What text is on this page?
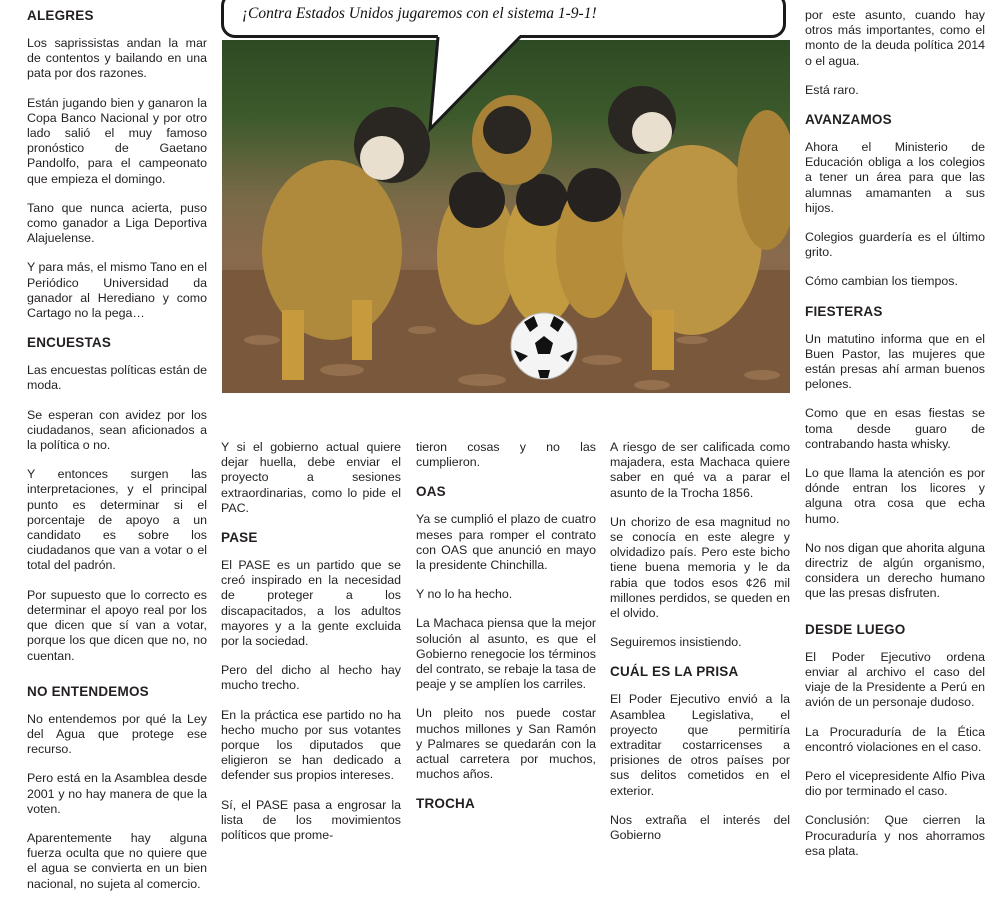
ALEGRES

Los saprissistas andan la mar de contentos y bailando en una pata por dos razones.

Están jugando bien y ganaron la Copa Banco Nacional y por otro lado salió el muy famoso pronóstico de Gaetano Pandolfo, para el campeonato que empieza el domingo.

Tano que nunca acierta, puso como ganador a Liga Deportiva Alajuelense.

Y para más, el mismo Tano en el Periódico Universidad da ganador al Herediano y como Cartago no la pega…

ENCUESTAS

Las encuestas políticas están de moda.

Se esperan con avidez por los ciudadanos, sean aficionados a la política o no.

Y entonces surgen las interpretaciones, y el principal punto es determinar si el porcentaje de apoyo a un candidato es sobre los ciudadanos que van a votar o el total del padrón.

Por supuesto que lo correcto es determinar el apoyo real por los que dicen que sí van a votar, porque los que dicen que no, no cuentan.

NO ENTENDEMOS

No entendemos por qué la Ley del Agua que protege ese recurso.

Pero está en la Asamblea desde 2001 y no hay manera de que la voten.

Aparentemente hay alguna fuerza oculta que no quiere que el agua se convierta en un bien nacional, no sujeta al comercio.

¡Contra Estados Unidos jugaremos con el sistema 1-9-1!

Y si el gobierno actual quiere dejar huella, debe enviar el proyecto a sesiones extraordinarias, como lo pide el PAC.

PASE

El PASE es un partido que se creó inspirado en la necesidad de proteger a los discapacitados, a los adultos mayores y a la gente excluida por la sociedad.

Pero del dicho al hecho hay mucho trecho.

En la práctica ese partido no ha hecho mucho por sus votantes porque los diputados que eligieron se han dedicado a defender sus propios intereses.

Sí, el PASE pasa a engrosar la lista de los movimientos políticos que prome-

tieron cosas y no las cumplieron.

OAS

Ya se cumplió el plazo de cuatro meses para romper el contrato con OAS que anunció en mayo la presidente Chinchilla.

Y no lo ha hecho.

La Machaca piensa que la mejor solución al asunto, es que el Gobierno renegocie los términos del contrato, se rebaje la tasa de peaje y se amplíen los carriles.

Un pleito nos puede costar muchos millones y San Ramón y Palmares se quedarán con la actual carretera por muchos, muchos años.

TROCHA

A riesgo de ser calificada como majadera, esta Machaca quiere saber en qué va a parar el asunto de la Trocha 1856.

Un chorizo de esa magnitud no se conocía en este alegre y olvidadizo país. Pero este bicho tiene buena memoria y le da rabia que todos esos ¢26 mil millones perdidos, se queden en el olvido.

Seguiremos insistiendo.

CUÁL ES LA PRISA

El Poder Ejecutivo envió a la Asamblea Legislativa, el proyecto que permitiría extraditar costarricenses a prisiones de otros países por sus delitos cometidos en el exterior.

Nos extraña el interés del Gobierno

por este asunto, cuando hay otros más importantes, como el monto de la deuda política 2014 o el agua.

Está raro.

AVANZAMOS

Ahora el Ministerio de Educación obliga a los colegios a tener un área para que las alumnas amamanten a sus hijos.

Colegios guardería es el último grito.

Cómo cambian los tiempos.

FIESTERAS

Un matutino informa que en el Buen Pastor, las mujeres que están presas ahí arman buenos pelones.

Como que en esas fiestas se toma desde guaro de contrabando hasta whisky.

Lo que llama la atención es por dónde entran los licores y alguna otra cosa que echa humo.

No nos digan que ahorita alguna directriz de algún organismo, considera un derecho humano que las presas disfruten.

DESDE LUEGO

El Poder Ejecutivo ordena enviar al archivo el caso del viaje de la Presidente a Perú en avión de un personaje dudoso.

La Procuraduría de la Ética encontró violaciones en el caso.

Pero el vicepresidente Alfio Piva dio por terminado el caso.

Conclusión: Que cierren la Procuraduría y nos ahorramos esa plata.
